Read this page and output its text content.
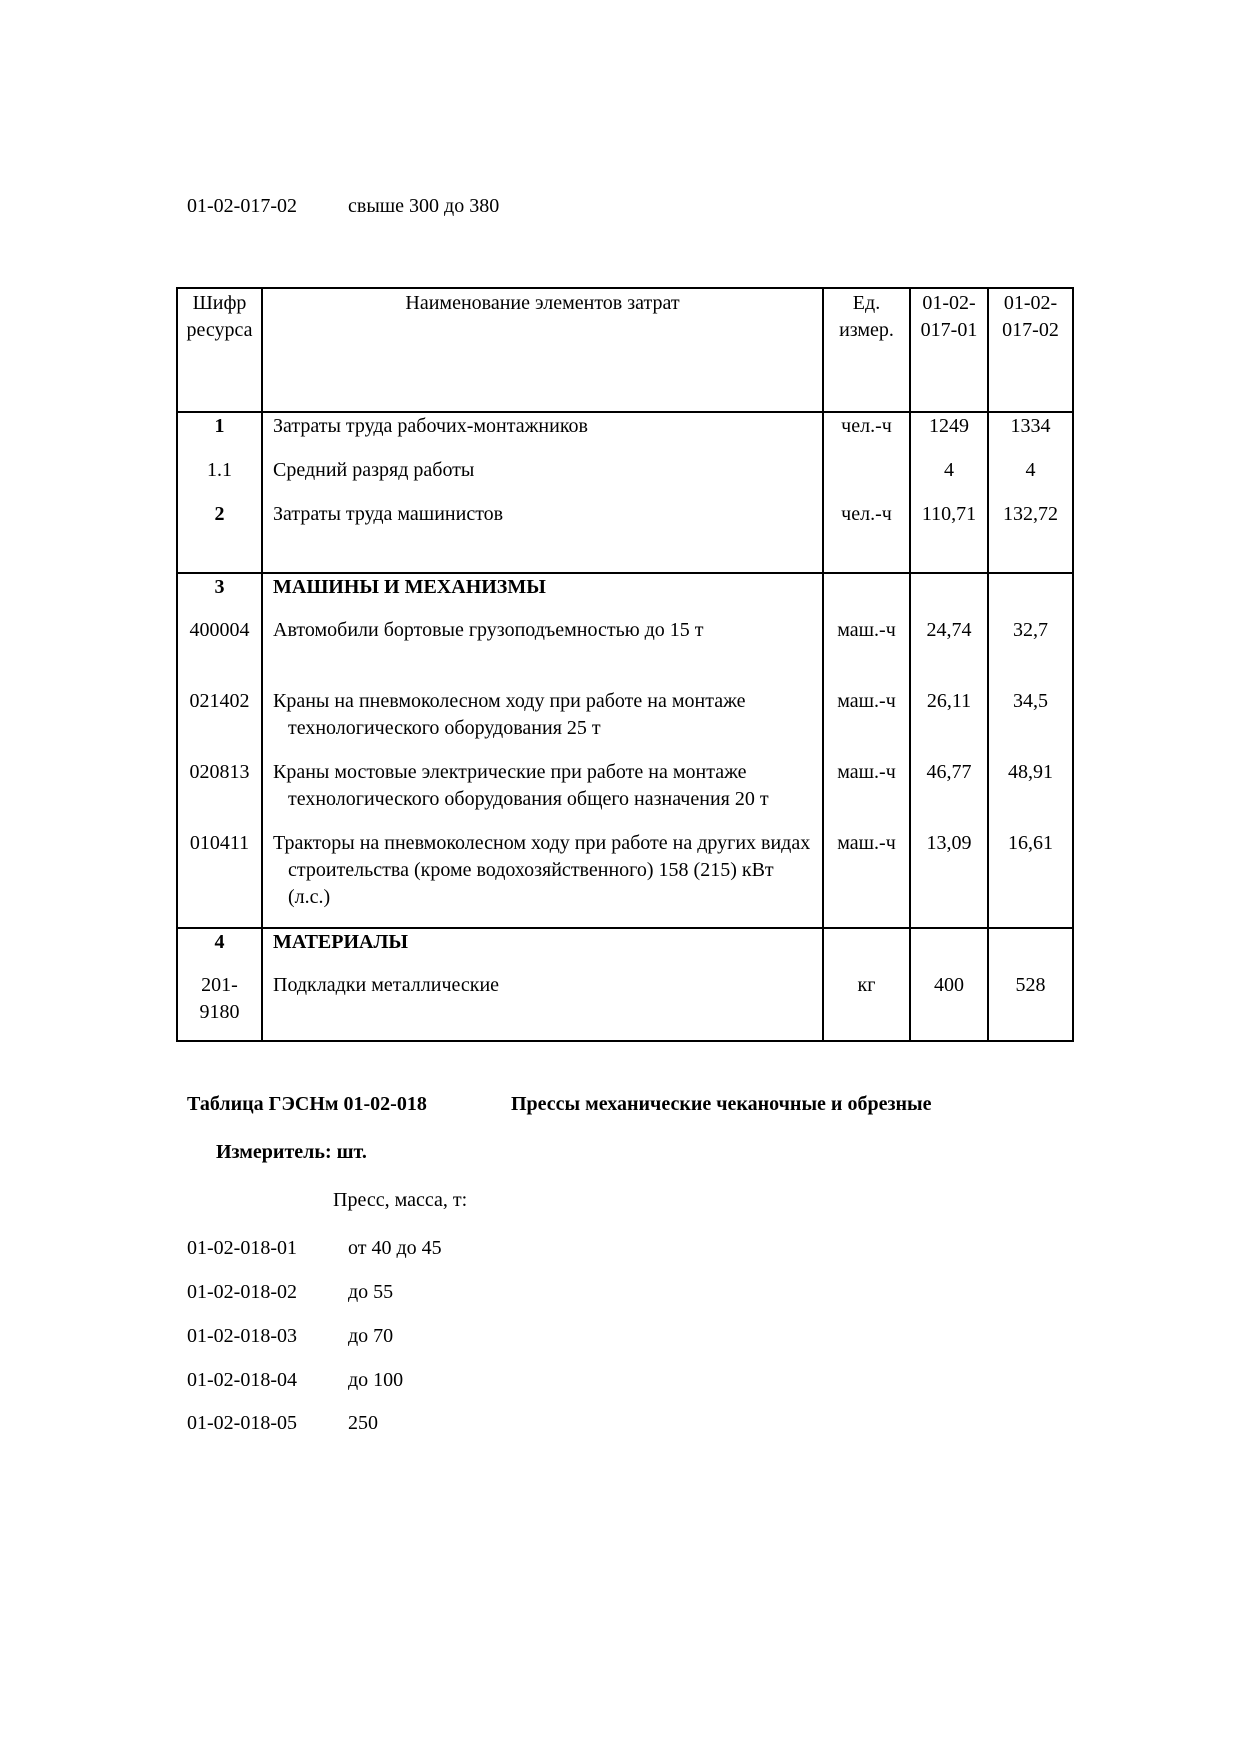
01-02-017-02	свыше 300 до 380
Шифр ресурса	Наименование элементов затрат	Ед. измер.	01-02-017-01	01-02-017-02
1	Затраты труда рабочих-монтажников	чел.-ч	1249	1334
1.1	Средний разряд работы		4	4
2	Затраты труда машинистов	чел.-ч	110,71	132,72
3	МАШИНЫ И МЕХАНИЗМЫ			
400004	Автомобили бортовые грузоподъемностью до 15 т	маш.-ч	24,74	32,7
021402	Краны на пневмоколесном ходу при работе на монтаже технологического оборудования 25 т	маш.-ч	26,11	34,5
020813	Краны мостовые электрические при работе на монтаже технологического оборудования общего назначения 20 т	маш.-ч	46,77	48,91
010411	Тракторы на пневмоколесном ходу при работе на других видах строительства (кроме водохозяйственного) 158 (215) кВт (л.с.)	маш.-ч	13,09	16,61
4	МАТЕРИАЛЫ			
201-9180	Подкладки металлические	кг	400	528
Таблица ГЭСНм 01-02-018	Прессы механические чеканочные и обрезные
Измеритель: шт.
Пресс, масса, т:
01-02-018-01	от 40 до 45
01-02-018-02	до 55
01-02-018-03	до 70
01-02-018-04	до 100
01-02-018-05	250
